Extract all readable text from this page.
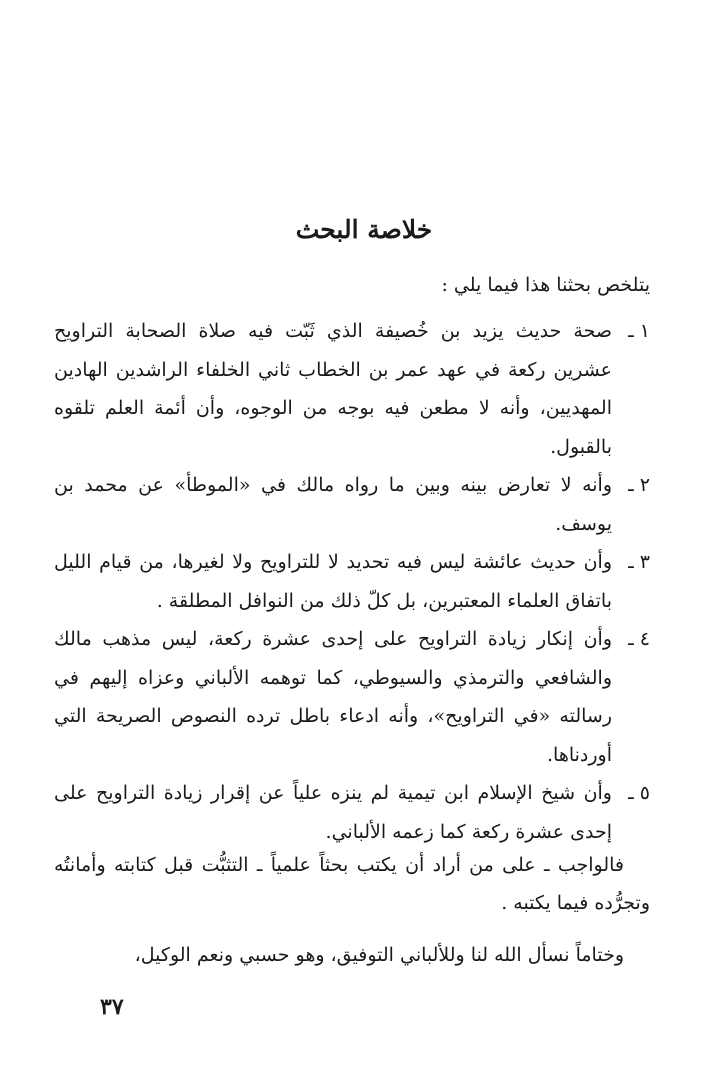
خلاصة البحث
يتلخص بحثنا هذا فيما يلي :
١ ـ
صحة حديث يزيد بن خُصيفة الذي ثَبّت فيه صلاة الصحابة التراويح عشرين ركعة في عهد عمر بن الخطاب ثاني الخلفاء الراشدين الهادين المهديين، وأنه لا مطعن فيه بوجه من الوجوه، وأن أئمة العلم تلقوه بالقبول.
٢ ـ
وأنه لا تعارض بينه وبين ما رواه مالك في «الموطأ» عن محمد بن يوسف.
٣ ـ
وأن حديث عائشة ليس فيه تحديد لا للتراويح ولا لغيرها، من قيام الليل باتفاق العلماء المعتبرين، بل كلّ ذلك من النوافل المطلقة .
٤ ـ
وأن إنكار زيادة التراويح على إحدى عشرة ركعة، ليس مذهب مالك والشافعي والترمذي والسيوطي، كما توهمه الألباني وعزاه إليهم في رسالته «في التراويح»، وأنه ادعاء باطل ترده النصوص الصريحة التي أوردناها.
٥ ـ
وأن شيخ الإسلام ابن تيمية لم ينزه علياً عن إقرار زيادة التراويح على إحدى عشرة ركعة كما زعمه الألباني.

فالواجب ـ على من أراد أن يكتب بحثاً علمياً ـ التثبُّت قبل كتابته وأمانتُه وتجرُّده فيما يكتبه .

وختاماً نسأل الله لنا وللألباني التوفيق، وهو حسبي ونعم الوكيل،

٣٧
